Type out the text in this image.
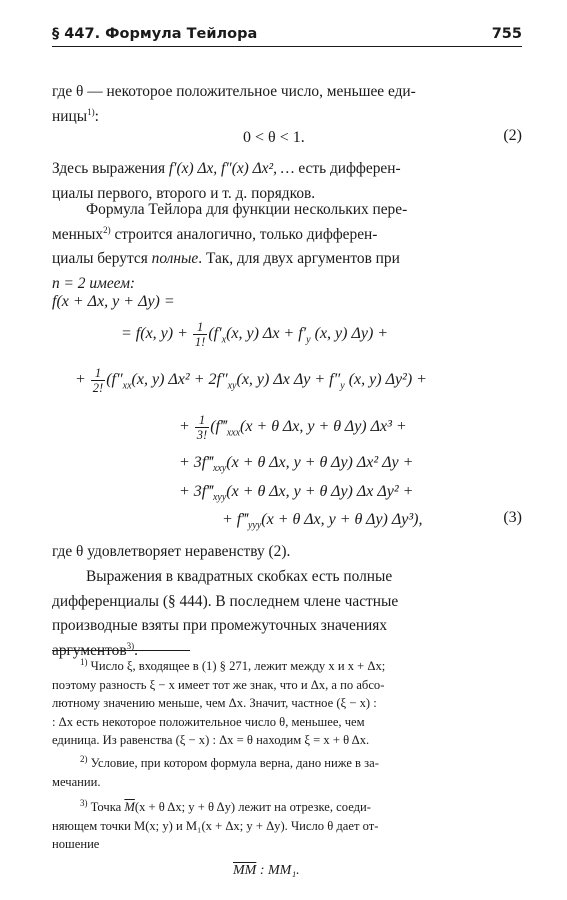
§ 447. Формула Тейлора	755

где θ — некоторое положительное число, меньшее еди-
ницы$^{1)}$:

0 < θ < 1.	(2)

Здесь выражения f′(x) Δx, f″(x) Δx², … есть дифферен-
циалы первого, второго и т. д. порядков.

Формула Тейлора для функции нескольких пере-
менных$^{2)}$ строится аналогично, только дифферен-
циалы берутся полные. Так, для двух аргументов при
n = 2 имеем:

f(x + Δx, y + Δy) =
= f(x, $y) + \frac{1}{1!} (f'_x(x$, y) $\Delta x + f'_y$ (x, y) Δy) +
+ $\frac{1}{2!} (f''_{xx}(x$, y) $\Delta x^2 + 2f''_{xy}(x$, y) Δx $\Delta y + f''_y$ (x, y) Δy²) +
+ $\frac{1}{3!}$ ($f‴_{xxx}(x + \theta$ Δx, y + θ Δy) Δx³ +
+ $3f‴_{xxy}(x + \theta$ Δx, y + θ Δy) Δx² Δy +
+ $3f‴_{xyy}(x + \theta$ Δx, y + θ Δy) Δx Δy² +
+ $f‴_{yyy}(x + \theta$ Δx, y + θ Δy) Δy³),	(3)

где θ удовлетворяет неравенству (2).

Выражения в квадратных скобках есть полные
дифференциалы (§ 444). В последнем члене частные
производные взяты при промежуточных значениях
аргументов$^{3)}$.

$^{1)}$ Число ξ, входящее в (1) § 271, лежит между x и x + Δx;
поэтому разность ξ − x имеет тот же знак, что и Δx, а по абсо-
лютному значению меньше, чем Δx. Значит, частное (ξ − x) :
: Δx есть некоторое положительное число θ, меньшее, чем
единица. Из равенства (ξ − x) : Δx = θ находим ξ = x + θ Δx.

$^{2)}$ Условие, при котором формула верна, дано ниже в за-
мечании.

$^{3)}$ Точка $\overline{M}(x + \theta$ Δx; y + θ Δy) лежит на отрезке, соеди-
няющем точки M(x; y) и M₁(x + Δx; y + Δy). Число θ дает от-
ношение

$\overline{MM}$ : MM₁.
